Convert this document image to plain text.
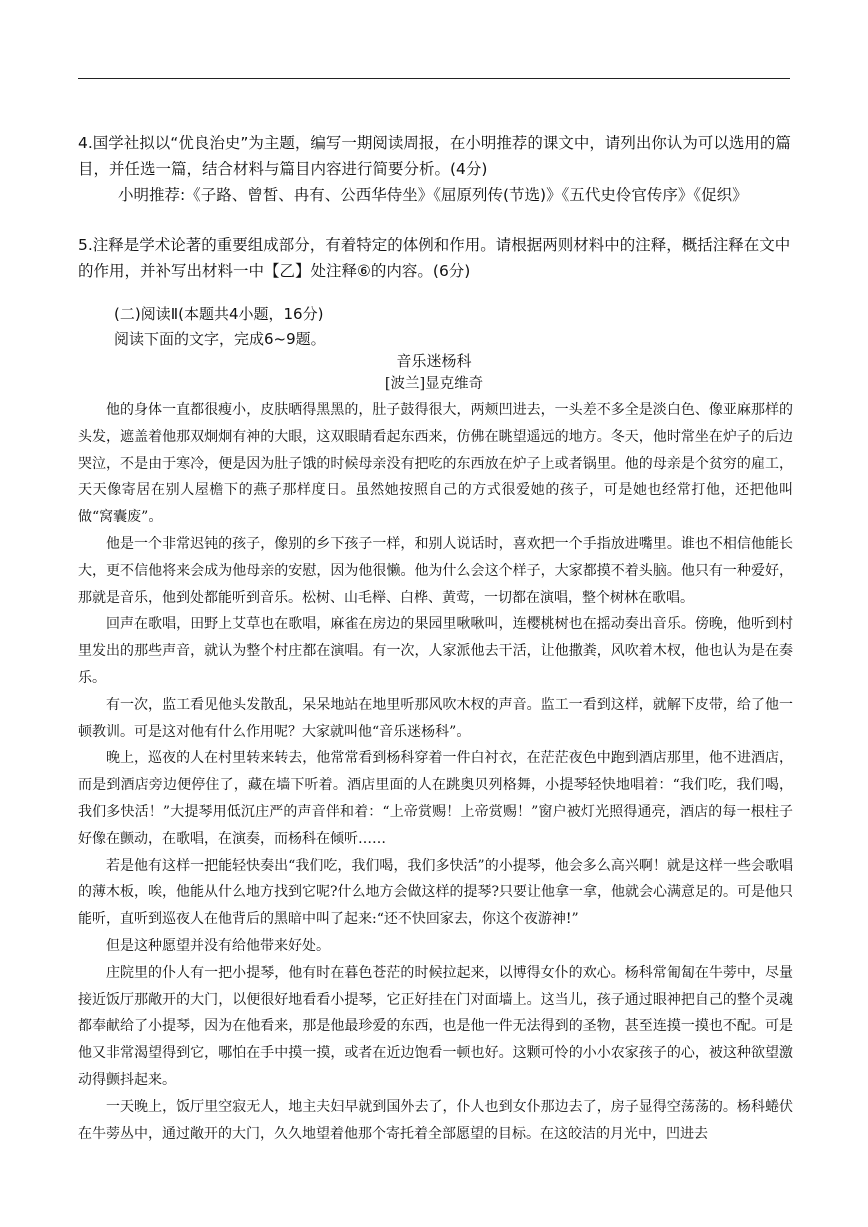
4.国学社拟以“优良治史”为主题，编写一期阅读周报，在小明推荐的课文中，请列出你认为可以选用的篇目，并任选一篇，结合材料与篇目内容进行简要分析。(4分)
小明推荐:《子路、曾皙、冉有、公西华侍坐》《屈原列传(节选)》《五代史伶官传序》《促织》
5.注释是学术论著的重要组成部分，有着特定的体例和作用。请根据两则材料中的注释，概括注释在文中的作用，并补写出材料一中【乙】处注释⑥的内容。(6分)
(二)阅读Ⅱ(本题共4小题，16分)
阅读下面的文字，完成6~9题。
音乐迷杨科
[波兰]显克维奇

他的身体一直都很瘦小，皮肤晒得黑黑的，肚子鼓得很大，两颊凹进去，一头差不多全是淡白色、像亚麻那样的头发，遮盖着他那双炯炯有神的大眼，这双眼睛看起东西来，仿佛在眺望遥远的地方。冬天，他时常坐在炉子的后边哭泣，不是由于寒冷，便是因为肚子饿的时候母亲没有把吃的东西放在炉子上或者锅里。他的母亲是个贫穷的雇工，天天像寄居在别人屋檐下的燕子那样度日。虽然她按照自己的方式很爱她的孩子，可是她也经常打他，还把他叫做“窝囊废”。

他是一个非常迟钝的孩子，像别的乡下孩子一样，和别人说话时，喜欢把一个手指放进嘴里。谁也不相信他能长大，更不信他将来会成为他母亲的安慰，因为他很懒。他为什么会这个样子，大家都摸不着头脑。他只有一种爱好，那就是音乐，他到处都能听到音乐。松树、山毛榉、白桦、黄莺，一切都在演唱，整个树林在歌唱。

回声在歌唱，田野上艾草也在歌唱，麻雀在房边的果园里啾啾叫，连樱桃树也在摇动奏出音乐。傍晚，他听到村里发出的那些声音，就认为整个村庄都在演唱。有一次，人家派他去干活，让他撒粪，风吹着木杈，他也认为是在奏乐。

有一次，监工看见他头发散乱，呆呆地站在地里听那风吹木杈的声音。监工一看到这样，就解下皮带，给了他一顿教训。可是这对他有什么作用呢？大家就叫他“音乐迷杨科”。

晚上，巡夜的人在村里转来转去，他常常看到杨科穿着一件白衬衣，在茫茫夜色中跑到酒店那里，他不进酒店，而是到酒店旁边便停住了，藏在墙下听着。酒店里面的人在跳奥贝列格舞，小提琴轻快地唱着：“我们吃，我们喝，我们多快活！”大提琴用低沉庄严的声音伴和着：“上帝赏赐！上帝赏赐！”窗户被灯光照得通亮，酒店的每一根柱子好像在颤动，在歌唱，在演奏，而杨科在倾听……

若是他有这样一把能轻快奏出“我们吃，我们喝，我们多快活”的小提琴，他会多么高兴啊！就是这样一些会歌唱的薄木板，唉，他能从什么地方找到它呢?什么地方会做这样的提琴?只要让他拿一拿，他就会心满意足的。可是他只能听，直听到巡夜人在他背后的黑暗中叫了起来:“还不快回家去，你这个夜游神!”

但是这种愿望并没有给他带来好处。

庄院里的仆人有一把小提琴，他有时在暮色苍茫的时候拉起来，以博得女仆的欢心。杨科常匍匐在牛蒡中，尽量接近饭厅那敞开的大门，以便很好地看看小提琴，它正好挂在门对面墙上。这当儿，孩子通过眼神把自己的整个灵魂都奉献给了小提琴，因为在他看来，那是他最珍爱的东西，也是他一件无法得到的圣物，甚至连摸一摸也不配。可是他又非常渴望得到它，哪怕在手中摸一摸，或者在近边饱看一顿也好。这颗可怜的小小农家孩子的心，被这种欲望激动得颤抖起来。

一天晚上，饭厅里空寂无人，地主夫妇早就到国外去了，仆人也到女仆那边去了，房子显得空荡荡的。杨科蜷伏在牛蒡丛中，通过敞开的大门，久久地望着他那个寄托着全部愿望的目标。在这皎洁的月光中，凹进去
